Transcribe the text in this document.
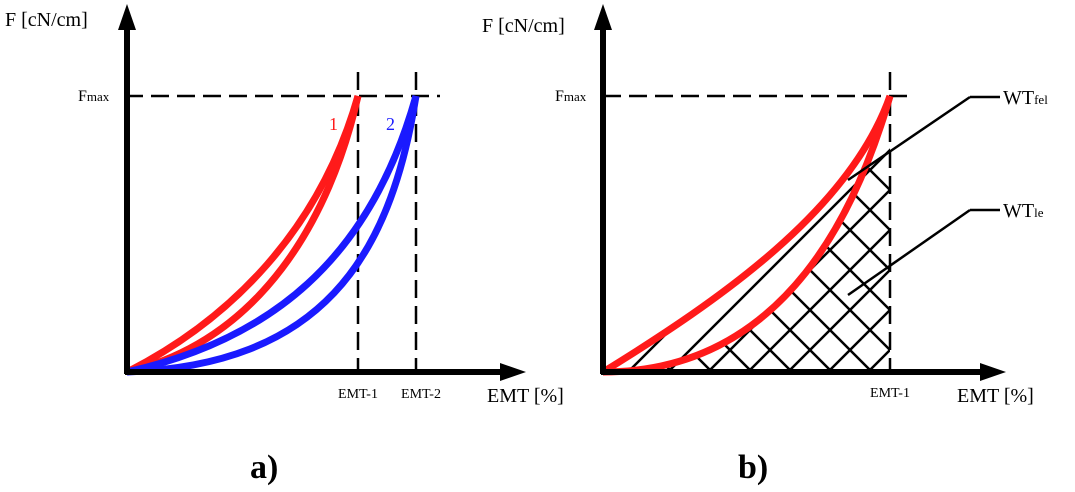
F [cN/cm]
Fmax
1	2
EMT-1 EMT-2 EMT [%]
a)
F [cN/cm]
Fmax	WTfel
WTle
EMT-1 EMT [%]
b)
